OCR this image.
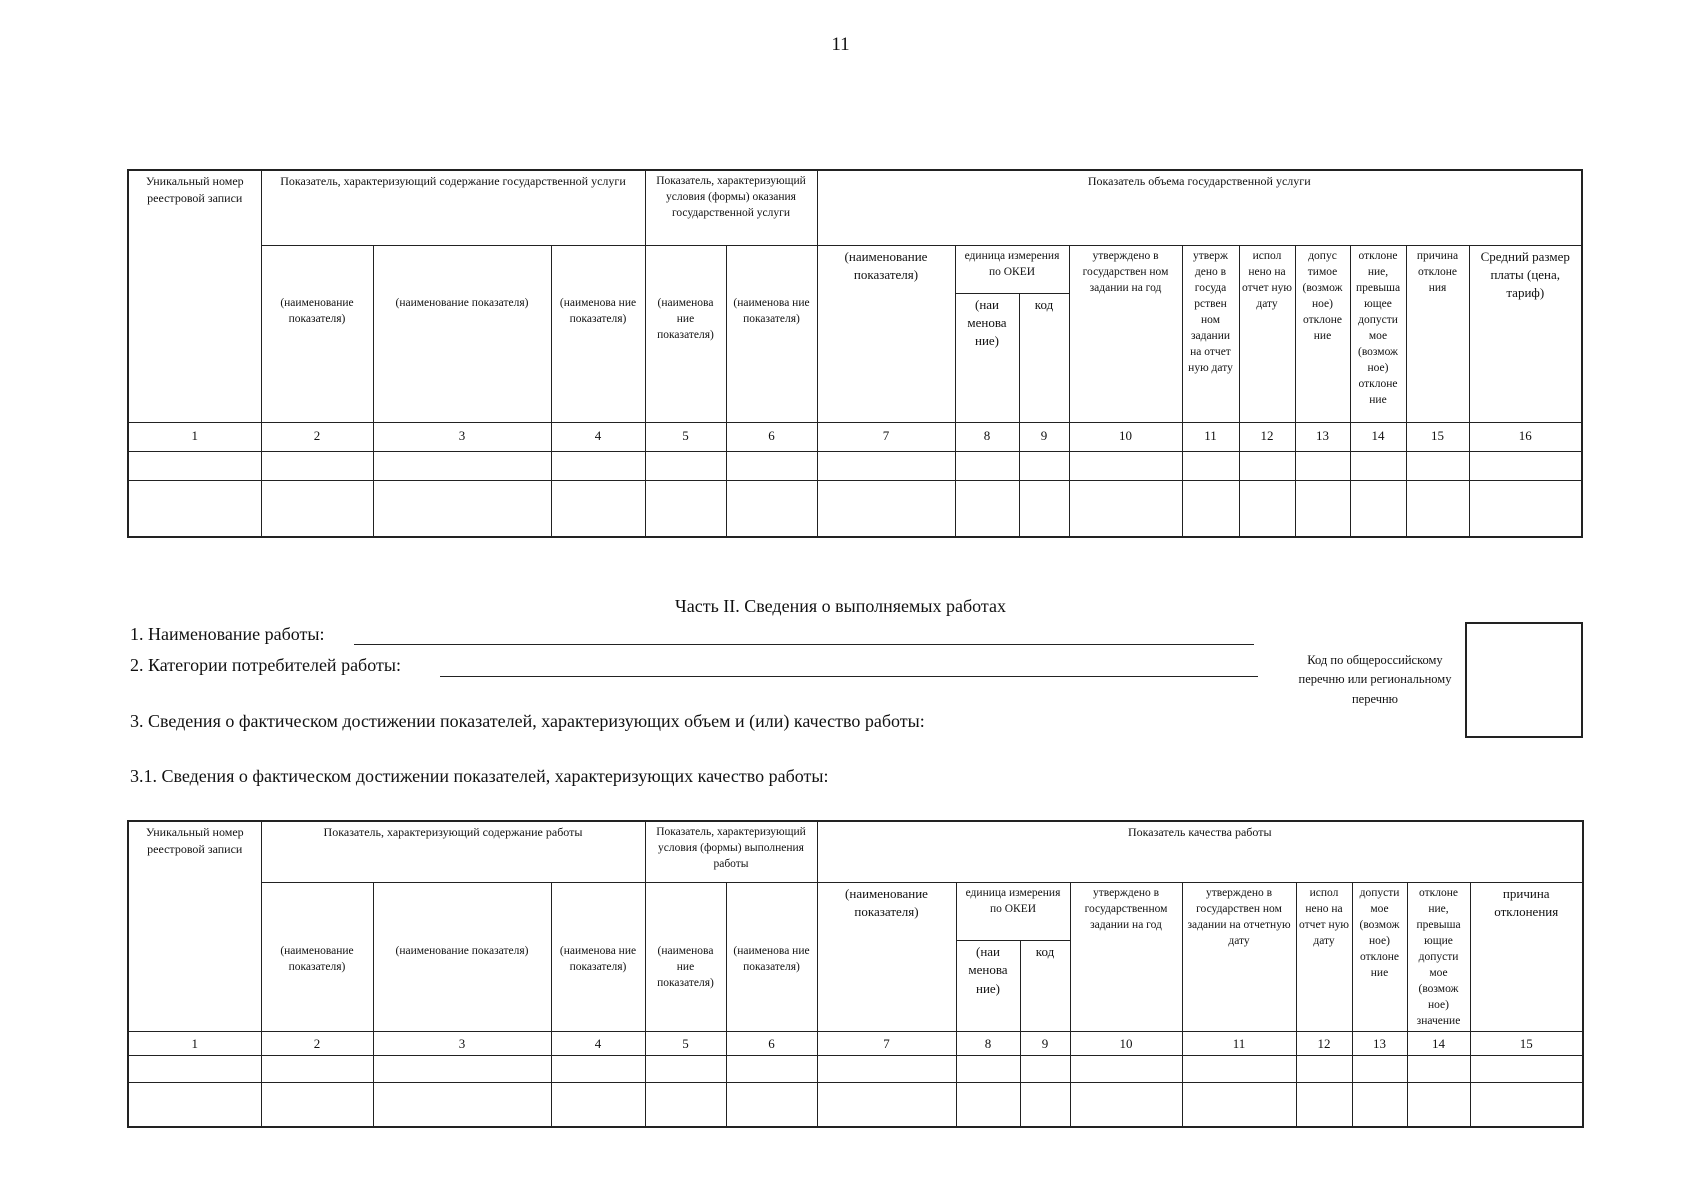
11
Уникальный номер реестровой записи	Показатель, характеризующий содержание государственной услуги			Показатель, характеризующий условия (формы) оказания государственной услуги		Показатель объема государственной услуги									
						(наименование показателя)	единица измерения по ОКЕИ		утверждено в государствен ном задании на год	утверж дено в госуда рствен ном задании на отчет ную дату	испол нено на отчет ную дату	допус тимое (возмож ное) отклоне ние	отклоне ние, превыша ющее допусти мое (возмож ное) отклоне ние	причина отклоне ния	Средний размер платы (цена, тариф)
	(наименование показателя)	(наименование показателя)	(наименова ние показателя)	(наименова ние показателя)	(наименова ние показателя)		(наи менова ние)	код							
1	2	3	4	5	6	7	8	9	10	11	12	13	14	15	16

Часть II. Сведения о выполняемых работах
1. Наименование работы:
2. Категории потребителей работы:	Код по общероссийскому перечню или региональному перечню
3. Сведения о фактическом достижении показателей, характеризующих объем и (или) качество работы:
3.1. Сведения о фактическом достижении показателей, характеризующих качество работы:
Уникальный номер реестровой записи	Показатель, характеризующий содержание работы			Показатель, характеризующий условия (формы) выполнения работы		Показатель качества работы								
						(наименование показателя)	единица измерения по ОКЕИ		утверждено в государственном задании на год	утверждено в государствен ном задании на отчетную дату	испол нено на отчет ную дату	допусти мое (возмож ное) отклоне ние	отклоне ние, превыша ющие допусти мое (возмож ное) значение	причина отклонения
	(наименование показателя)	(наименование показателя)	(наименова ние показателя)	(наименова ние показателя)	(наименова ние показателя)		(наи менова ние)	код						
1	2	3	4	5	6	7	8	9	10	11	12	13	14	15
